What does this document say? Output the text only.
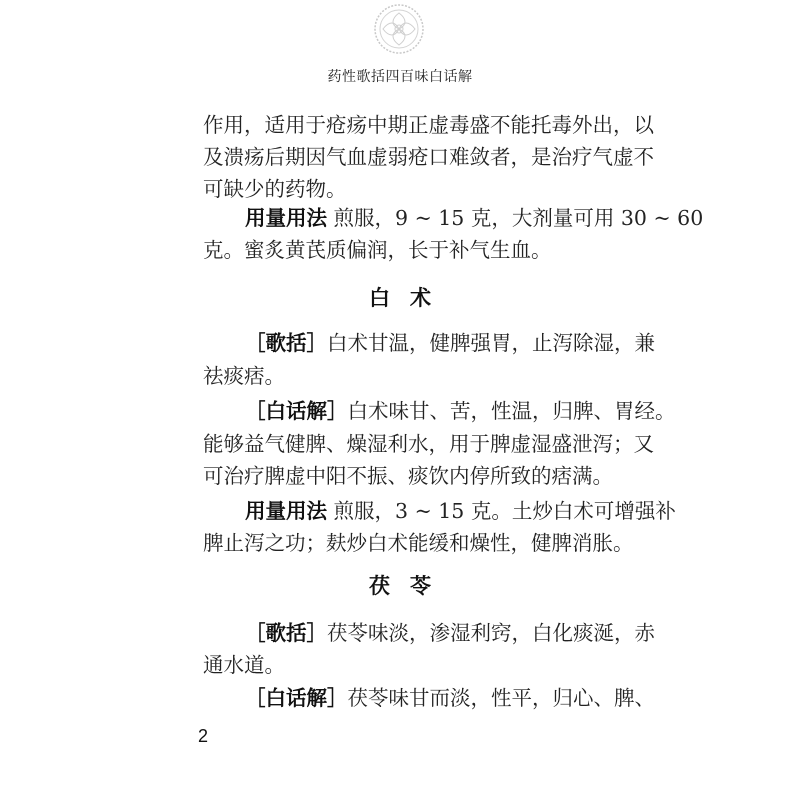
药性歌括四百味白话解
作用，适用于疮疡中期正虚毒盛不能托毒外出，以
及溃疡后期因气血虚弱疮口难敛者，是治疗气虚不
可缺少的药物。
用量用法 煎服，9 ~ 15 克，大剂量可用 30 ~ 60
克。蜜炙黄芪质偏润，长于补气生血。
白术
［歌括］白术甘温，健脾强胃，止泻除湿，兼
祛痰痞。
［白话解］白术味甘、苦，性温，归脾、胃经。
能够益气健脾、燥湿利水，用于脾虚湿盛泄泻；又
可治疗脾虚中阳不振、痰饮内停所致的痞满。
用量用法 煎服，3 ~ 15 克。土炒白术可增强补
脾止泻之功；麸炒白术能缓和燥性，健脾消胀。
茯苓
［歌括］茯苓味淡，渗湿利窍，白化痰涎，赤
通水道。
［白话解］茯苓味甘而淡，性平，归心、脾、
2
